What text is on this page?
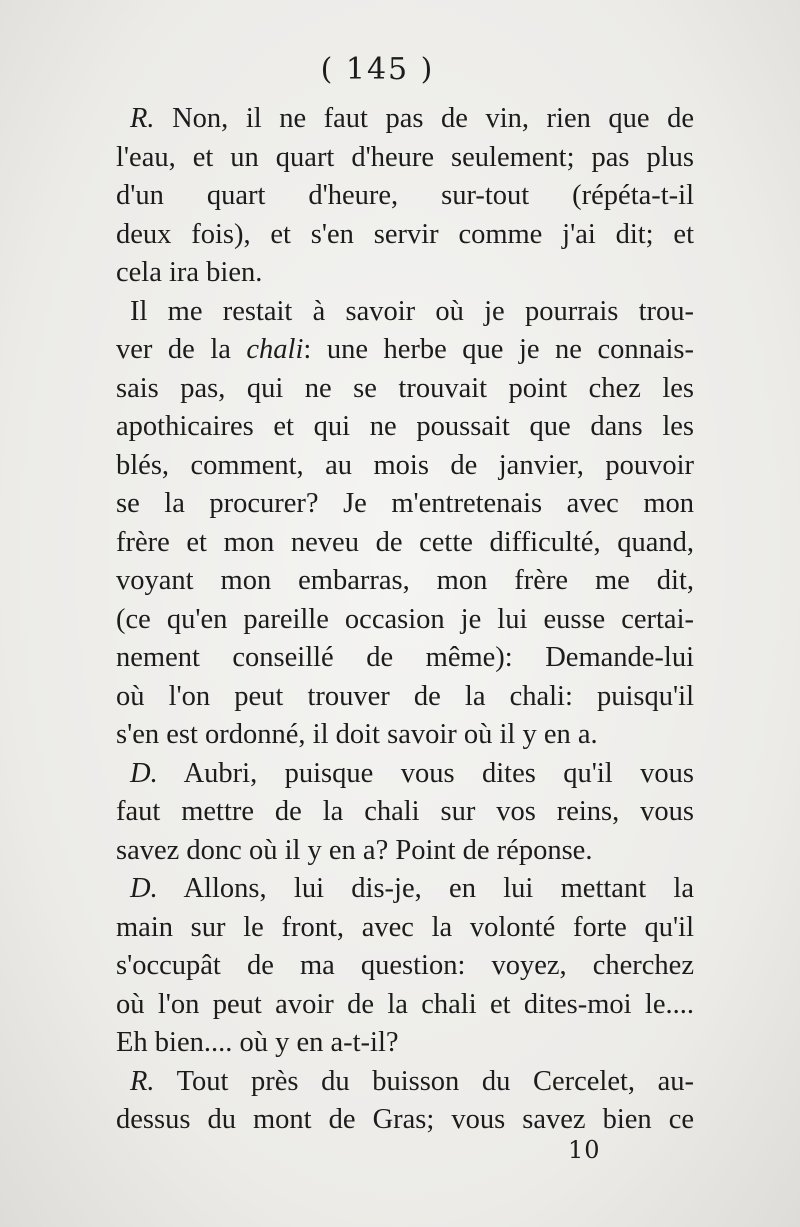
( 145 )
R. Non, il ne faut pas de vin, rien que de
l'eau, et un quart d'heure seulement; pas plus
d'un quart d'heure, sur-tout (répéta-t-il
deux fois), et s'en servir comme j'ai dit; et
cela ira bien.
Il me restait à savoir où je pourrais trou-
ver de la chali: une herbe que je ne connais-
sais pas, qui ne se trouvait point chez les
apothicaires et qui ne poussait que dans les
blés, comment, au mois de janvier, pouvoir
se la procurer? Je m'entretenais avec mon
frère et mon neveu de cette difficulté, quand,
voyant mon embarras, mon frère me dit,
(ce qu'en pareille occasion je lui eusse certai-
nement conseillé de même): Demande-lui
où l'on peut trouver de la chali: puisqu'il
s'en est ordonné, il doit savoir où il y en a.
D. Aubri, puisque vous dites qu'il vous
faut mettre de la chali sur vos reins, vous
savez donc où il y en a? Point de réponse.
D. Allons, lui dis-je, en lui mettant la
main sur le front, avec la volonté forte qu'il
s'occupât de ma question: voyez, cherchez
où l'on peut avoir de la chali et dites-moi le....
Eh bien.... où y en a-t-il?
R. Tout près du buisson du Cercelet, au-
dessus du mont de Gras; vous savez bien ce
10
